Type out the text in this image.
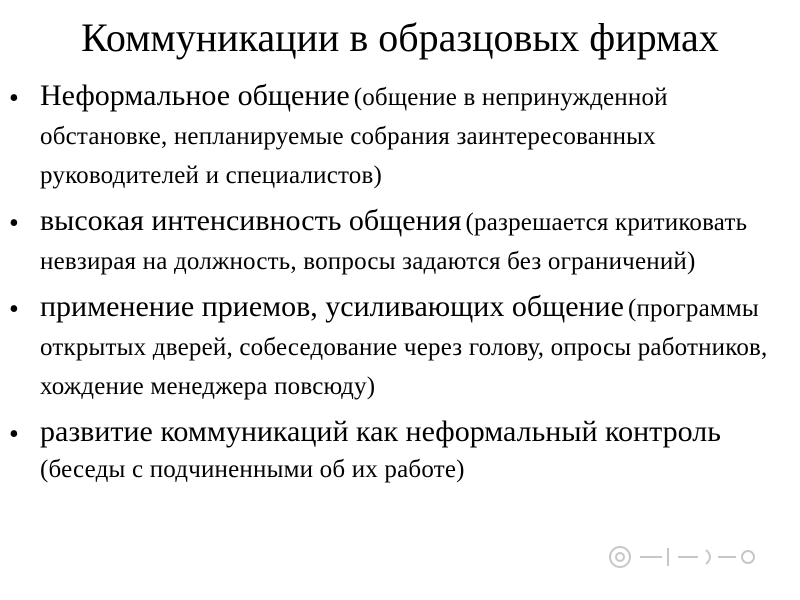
Коммуникации в образцовых фирмах
• Неформальное общение (общение в непринужденной обстановке, непланируемые собрания заинтересованных руководителей и специалистов)
• высокая интенсивность общения (разрешается критиковать невзирая на должность, вопросы задаются без ограничений)
• применение приемов, усиливающих общение (программы открытых дверей, собеседование через голову, опросы работников, хождение менеджера повсюду)
• развитие коммуникаций как неформальный контроль (беседы с подчиненными об их работе)
